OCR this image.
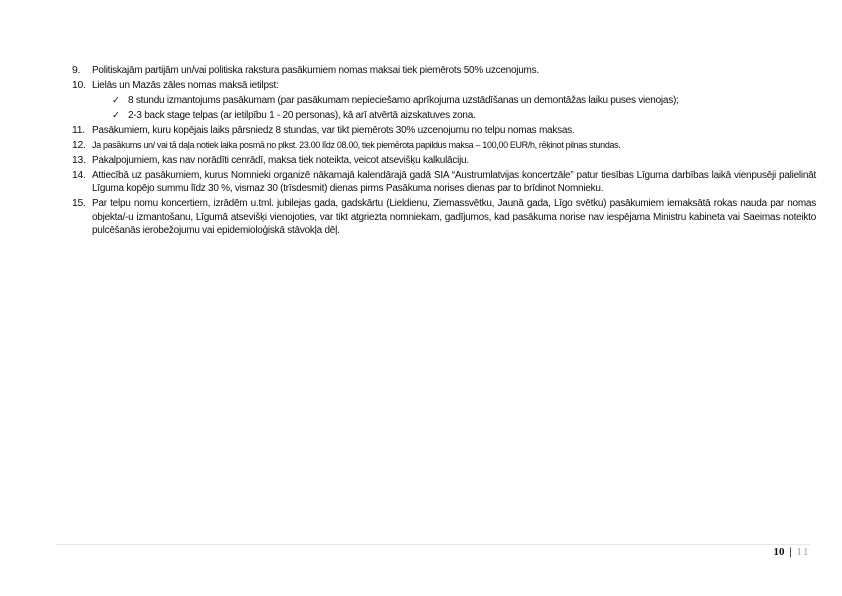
9.	Politiskajām partijām un/vai politiska rakstura pasākumiem nomas maksai tiek piemērots 50% uzcenojums.
10. Lielās un Mazās zāles nomas maksā ietilpst:
✓ 8 stundu izmantojums pasākumam (par pasākumam nepieciešamo aprīkojuma uzstādīšanas un demontāžas laiku puses vienojas);
✓ 2-3 back stage telpas (ar ietilpību 1 - 20 personas), kā arī atvērtā aizskatuves zona.
11. Pasākumiem, kuru kopējais laiks pārsniedz 8 stundas, var tikt piemērots 30% uzcenojumu no telpu nomas maksas.
12. Ja pasākums un/ vai tā daļa notiek laika posmā no plkst. 23.00 līdz 08.00, tiek piemērota papildus maksa – 100,00 EUR/h, rēķinot pilnas stundas.
13. Pakalpojumiem, kas nav norādīti cenrādī, maksa tiek noteikta, veicot atsevišķu kalkulāciju.
14. Attiecībā uz pasākumiem, kurus Nomnieki organizē nākamajā kalendārajā gadā SIA “Austrumlatvijas koncertzāle” patur tiesības Līguma darbības laikā vienpusēji palielināt Līguma kopējo summu līdz 30 %, vismaz 30 (trīsdesmit) dienas pirms Pasākuma norises dienas par to brīdinot Nomnieku.
15. Par telpu nomu koncertiem, izrādēm u.tml. jubilejas gada, gadskārtu (Lieldienu, Ziemassvētku, Jaunā gada, Līgo svētku) pasākumiem iemaksātā rokas nauda par nomas objekta/-u izmantošanu, Līgumā atsevišķi vienojoties, var tikt atgriezta nomniekam, gadījumos, kad pasākuma norise nav iespējama Ministru kabineta vai Saeimas noteikto pulcēšanās ierobežojumu vai epidemioloģiskā stāvokļa dēļ.
10 | 11
